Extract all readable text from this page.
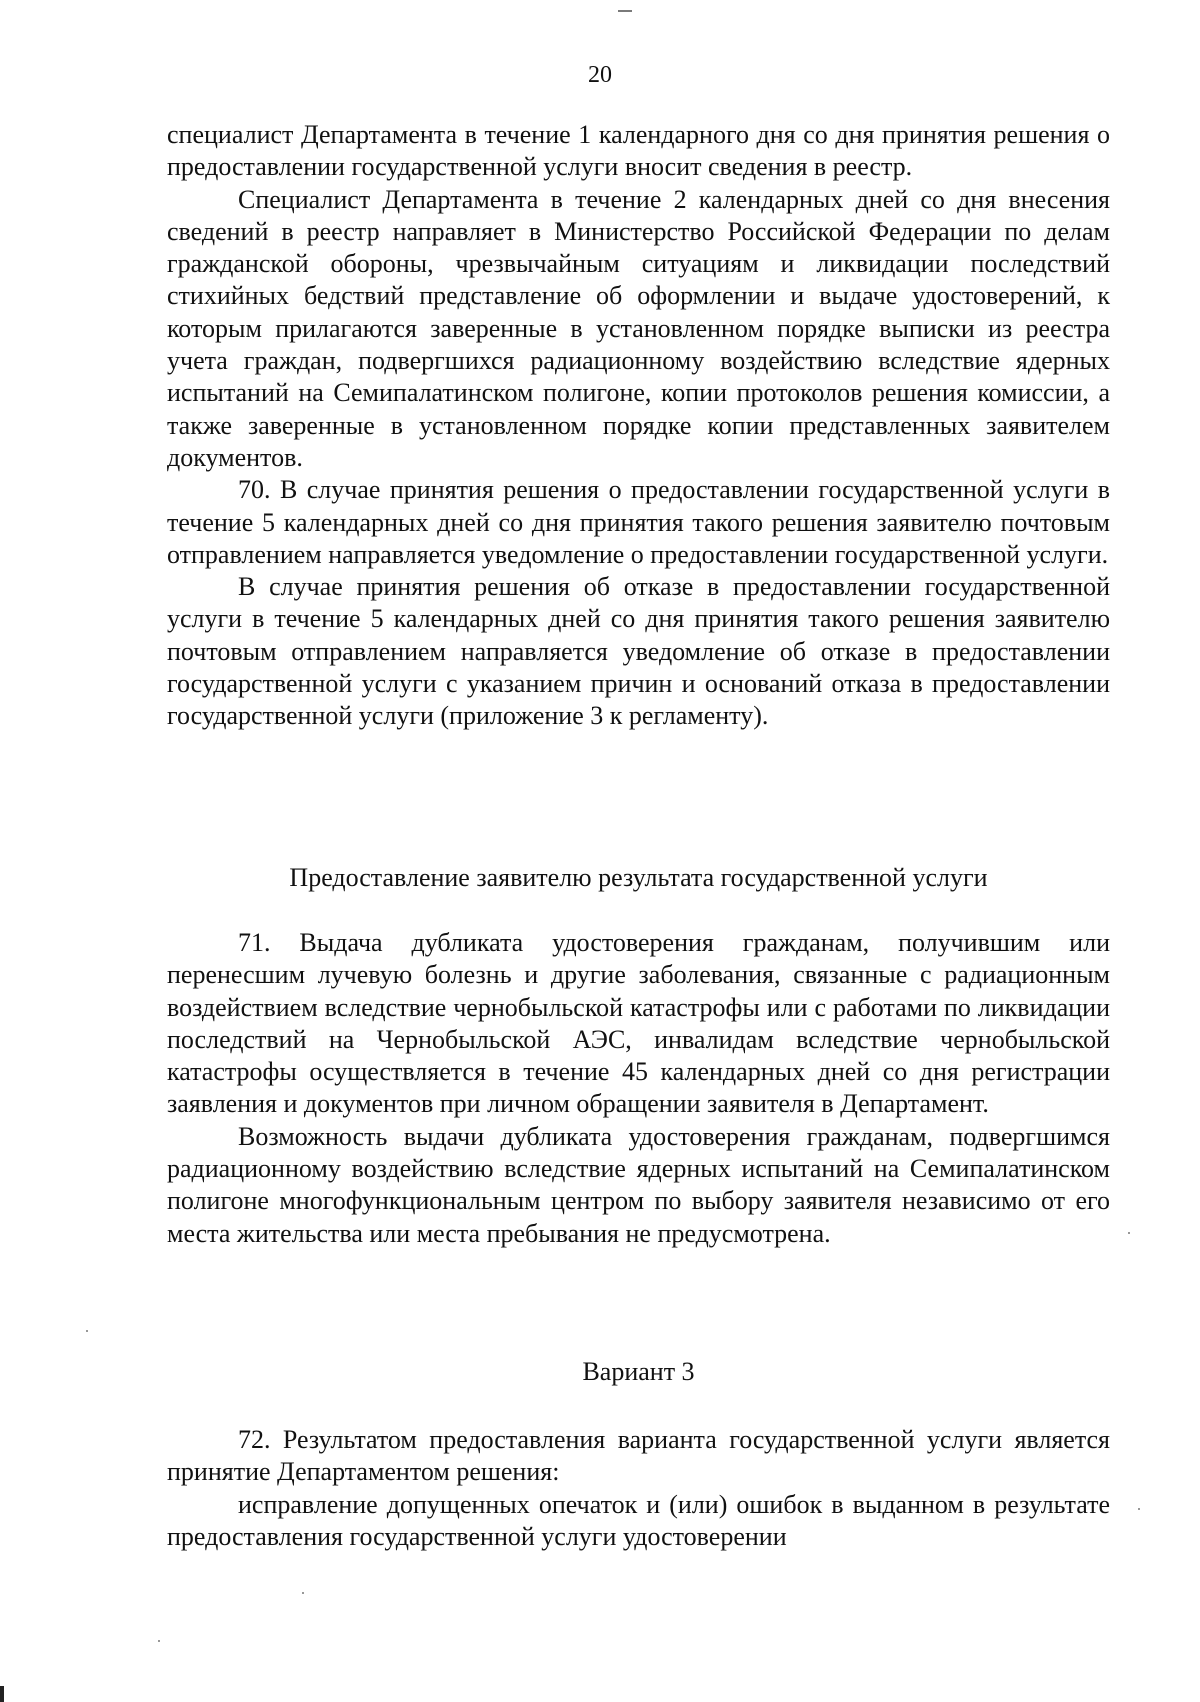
20

специалист Департамента в течение 1 календарного дня со дня принятия решения о предоставлении государственной услуги вносит сведения в реестр.

Специалист Департамента в течение 2 календарных дней со дня внесения сведений в реестр направляет в Министерство Российской Федерации по делам гражданской обороны, чрезвычайным ситуациям и ликвидации последствий стихийных бедствий представление об оформлении и выдаче удостоверений, к которым прилагаются заверенные в установленном порядке выписки из реестра учета граждан, подвергшихся радиационному воздействию вследствие ядерных испытаний на Семипалатинском полигоне, копии протоколов решения комиссии, а также заверенные в установленном порядке копии представленных заявителем документов.

70. В случае принятия решения о предоставлении государственной услуги в течение 5 календарных дней со дня принятия такого решения заявителю почтовым отправлением направляется уведомление о предоставлении государственной услуги.

В случае принятия решения об отказе в предоставлении государственной услуги в течение 5 календарных дней со дня принятия такого решения заявителю почтовым отправлением направляется уведомление об отказе в предоставлении государственной услуги с указанием причин и оснований отказа в предоставлении государственной услуги (приложение 3 к регламенту).

Предоставление заявителю результата государственной услуги

71. Выдача дубликата удостоверения гражданам, получившим или перенесшим лучевую болезнь и другие заболевания, связанные с радиационным воздействием вследствие чернобыльской катастрофы или с работами по ликвидации последствий на Чернобыльской АЭС, инвалидам вследствие чернобыльской катастрофы осуществляется в течение 45 календарных дней со дня регистрации заявления и документов при личном обращении заявителя в Департамент.

Возможность выдачи дубликата удостоверения гражданам, подвергшимся радиационному воздействию вследствие ядерных испытаний на Семипалатинском полигоне многофункциональным центром по выбору заявителя независимо от его места жительства или места пребывания не предусмотрена.

Вариант 3

72. Результатом предоставления варианта государственной услуги является принятие Департаментом решения:

исправление допущенных опечаток и (или) ошибок в выданном в результате предоставления государственной услуги удостоверении
